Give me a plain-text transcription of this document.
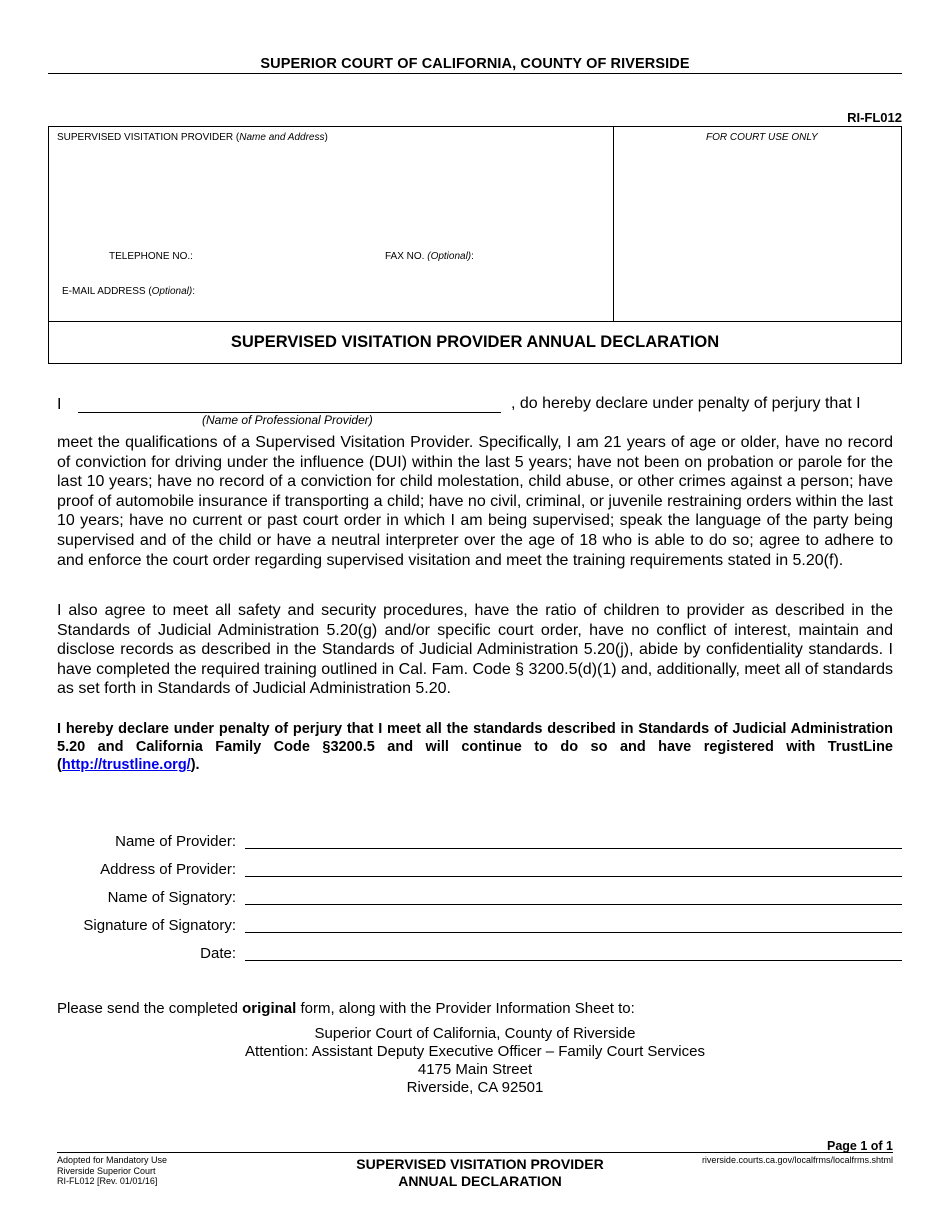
SUPERIOR COURT OF CALIFORNIA, COUNTY OF RIVERSIDE
RI-FL012
SUPERVISED VISITATION PROVIDER (Name and Address)	FOR COURT USE ONLY
TELEPHONE NO.:	FAX NO. (Optional):
E-MAIL ADDRESS (Optional):
SUPERVISED VISITATION PROVIDER ANNUAL DECLARATION
I	, do hereby declare under penalty of perjury that I
(Name of Professional Provider)
meet the qualifications of a Supervised Visitation Provider. Specifically, I am 21 years of age or older, have no record of conviction for driving under the influence (DUI) within the last 5 years; have not been on probation or parole for the last 10 years; have no record of a conviction for child molestation, child abuse, or other crimes against a person; have proof of automobile insurance if transporting a child; have no civil, criminal, or juvenile restraining orders within the last 10 years; have no current or past court order in which I am being supervised; speak the language of the party being supervised and of the child or have a neutral interpreter over the age of 18 who is able to do so; agree to adhere to and enforce the court order regarding supervised visitation and meet the training requirements stated in 5.20(f).
I also agree to meet all safety and security procedures, have the ratio of children to provider as described in the Standards of Judicial Administration 5.20(g) and/or specific court order, have no conflict of interest, maintain and disclose records as described in the Standards of Judicial Administration 5.20(j), abide by confidentiality standards. I have completed the required training outlined in Cal. Fam. Code § 3200.5(d)(1) and, additionally, meet all of standards as set forth in Standards of Judicial Administration 5.20.
I hereby declare under penalty of perjury that I meet all the standards described in Standards of Judicial Administration 5.20 and California Family Code §3200.5 and will continue to do so and have registered with TrustLine (http://trustline.org/).
Name of Provider:
Address of Provider:
Name of Signatory:
Signature of Signatory:
Date:
Please send the completed original form, along with the Provider Information Sheet to:
Superior Court of California, County of Riverside
Attention: Assistant Deputy Executive Officer – Family Court Services
4175 Main Street
Riverside, CA 92501
Page 1 of 1
Adopted for Mandatory Use
Riverside Superior Court
RI-FL012 [Rev. 01/01/16]
SUPERVISED VISITATION PROVIDER
ANNUAL DECLARATION
riverside.courts.ca.gov/localfrms/localfrms.shtml
